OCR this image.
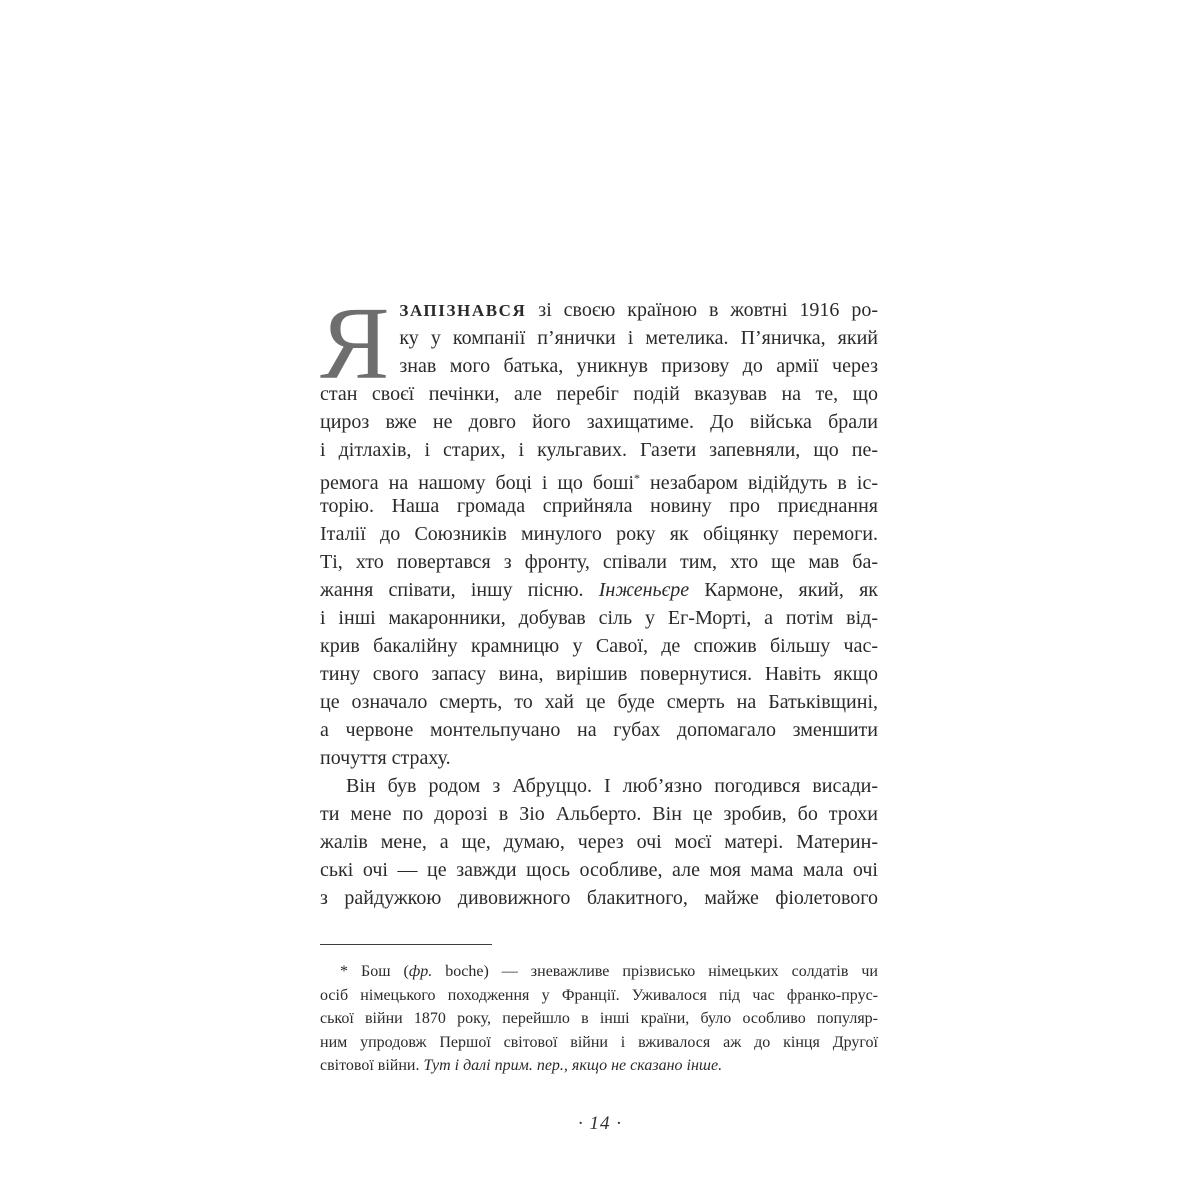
Я ЗАПІЗНАВСЯ зі своєю країною в жовтні 1916 ро-
ку у компанії п’янички і метелика. П’яничка, який
знав мого батька, уникнув призову до армії через
стан своєї печінки, але перебіг подій вказував на те, що
цироз вже не довго його захищатиме. До війська брали
і дітлахів, і старих, і кульгавих. Газети запевняли, що пе-
ремога на нашому боці і що боші* незабаром відійдуть в іс-
торію. Наша громада сприйняла новину про приєднання
Італії до Союзників минулого року як обіцянку перемоги.
Ті, хто повертався з фронту, співали тим, хто ще мав ба-
жання співати, іншу пісню. Інженьєре Кармоне, який, як
і інші макаронники, добував сіль у Ег-Морті, а потім від-
крив бакалійну крамницю у Савої, де спожив більшу час-
тину свого запасу вина, вирішив повернутися. Навіть якщо
це означало смерть, то хай це буде смерть на Батьківщині,
а червоне монтельпучано на губах допомагало зменшити
почуття страху.
Він був родом з Абруццо. І люб’язно погодився висади-
ти мене по дорозі в Зіо Альберто. Він це зробив, бо трохи
жалів мене, а ще, думаю, через очі моєї матері. Материн-
ські очі — це завжди щось особливе, але моя мама мала очі
з райдужкою дивовижного блакитного, майже фіолетового
* Бош (фр. boche) — зневажливе прізвисько німецьких солдатів чи
осіб німецького походження у Франції. Уживалося під час франко-прус-
ської війни 1870 року, перейшло в інші країни, було особливо популяр-
ним упродовж Першої світової війни і вживалося аж до кінця Другої
світової війни. Тут і далі прим. пер., якщо не сказано інше.
· 14 ·
